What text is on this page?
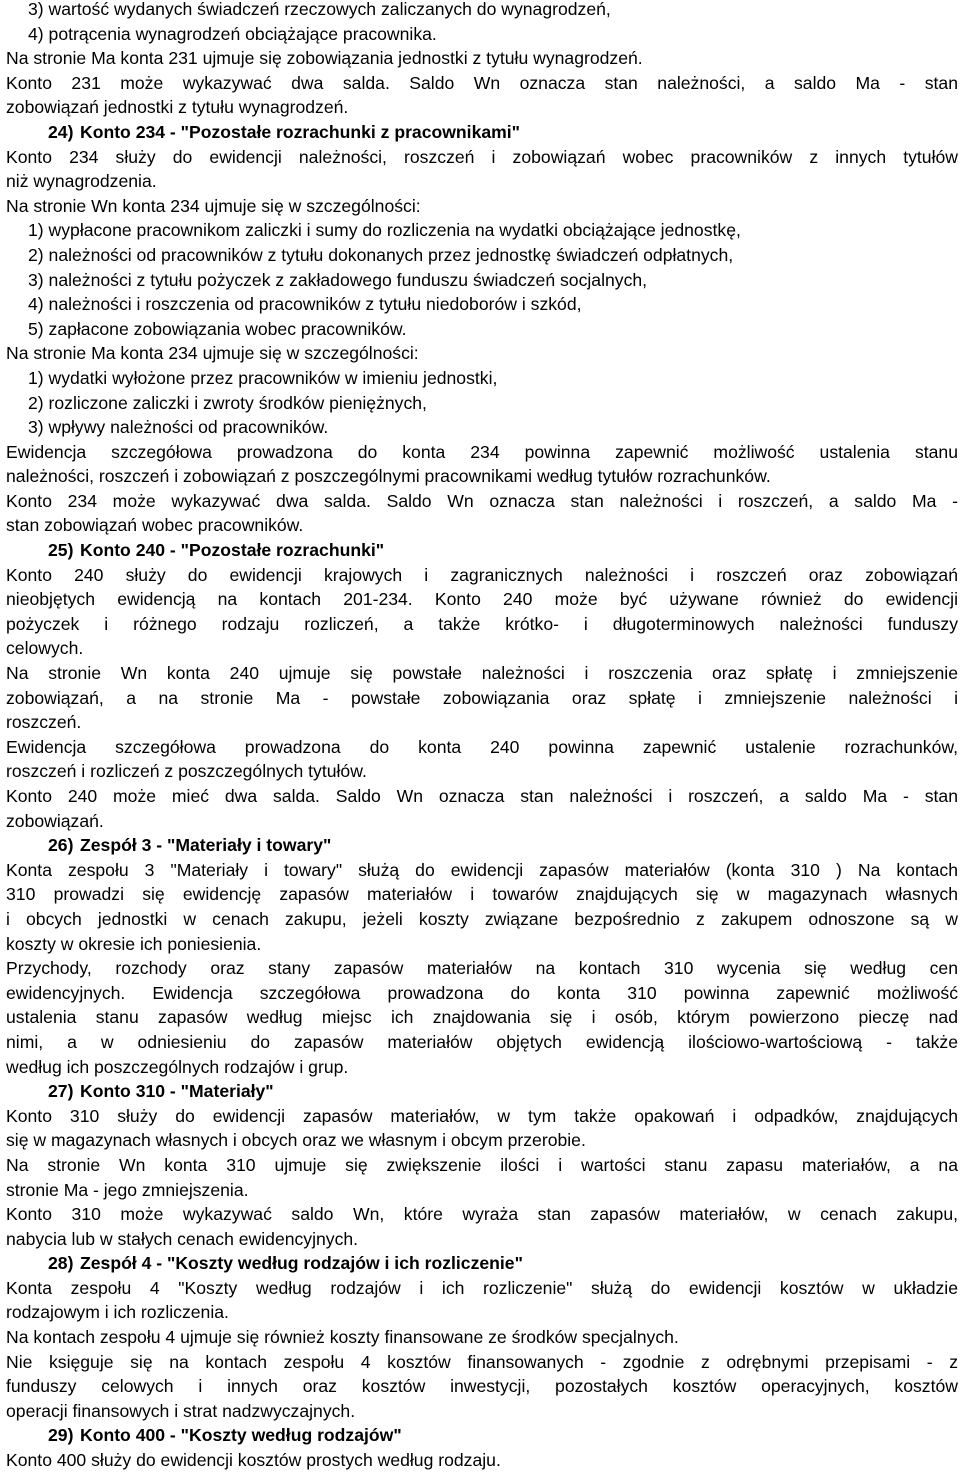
3) wartość wydanych świadczeń rzeczowych zaliczanych do wynagrodzeń,
4) potrącenia wynagrodzeń obciążające pracownika.
Na stronie Ma konta 231 ujmuje się zobowiązania jednostki z tytułu wynagrodzeń.
Konto 231 może wykazywać dwa salda. Saldo Wn oznacza stan należności, a saldo Ma - stan
zobowiązań jednostki z tytułu wynagrodzeń.
24) Konto 234 - "Pozostałe rozrachunki z pracownikami"
Konto 234 służy do ewidencji należności, roszczeń i zobowiązań wobec pracowników z innych tytułów
niż wynagrodzenia.
Na stronie Wn konta 234 ujmuje się w szczególności:
1) wypłacone pracownikom zaliczki i sumy do rozliczenia na wydatki obciążające jednostkę,
2) należności od pracowników z tytułu dokonanych przez jednostkę świadczeń odpłatnych,
3) należności z tytułu pożyczek z zakładowego funduszu świadczeń socjalnych,
4) należności i roszczenia od pracowników z tytułu niedoborów i szkód,
5) zapłacone zobowiązania wobec pracowników.
Na stronie Ma konta 234 ujmuje się w szczególności:
1) wydatki wyłożone przez pracowników w imieniu jednostki,
2) rozliczone zaliczki i zwroty środków pieniężnych,
3) wpływy należności od pracowników.
Ewidencja szczegółowa prowadzona do konta 234 powinna zapewnić możliwość ustalenia stanu
należności, roszczeń i zobowiązań z poszczególnymi pracownikami według tytułów rozrachunków.
Konto 234 może wykazywać dwa salda. Saldo Wn oznacza stan należności i roszczeń, a saldo Ma -
stan zobowiązań wobec pracowników.
25) Konto 240 - "Pozostałe rozrachunki"
Konto 240 służy do ewidencji krajowych i zagranicznych należności i roszczeń oraz zobowiązań
nieobjętych ewidencją na kontach 201-234. Konto 240 może być używane również do ewidencji
pożyczek i różnego rodzaju rozliczeń, a także krótko- i długoterminowych należności funduszy
celowych.
Na stronie Wn konta 240 ujmuje się powstałe należności i roszczenia oraz spłatę i zmniejszenie
zobowiązań, a na stronie Ma - powstałe zobowiązania oraz spłatę i zmniejszenie należności i
roszczeń.
Ewidencja szczegółowa prowadzona do konta 240 powinna zapewnić ustalenie rozrachunków,
roszczeń i rozliczeń z poszczególnych tytułów.
Konto 240 może mieć dwa salda. Saldo Wn oznacza stan należności i roszczeń, a saldo Ma - stan
zobowiązań.
26) Zespół 3 - "Materiały i towary"
Konta zespołu 3 "Materiały i towary" służą do ewidencji zapasów materiałów (konta 310 ) Na kontach
310 prowadzi się ewidencję zapasów materiałów i towarów znajdujących się w magazynach własnych
i obcych jednostki w cenach zakupu, jeżeli koszty związane bezpośrednio z zakupem odnoszone są w
koszty w okresie ich poniesienia.
Przychody, rozchody oraz stany zapasów materiałów na kontach 310 wycenia się według cen
ewidencyjnych. Ewidencja szczegółowa prowadzona do konta 310 powinna zapewnić możliwość
ustalenia stanu zapasów według miejsc ich znajdowania się i osób, którym powierzono pieczę nad
nimi, a w odniesieniu do zapasów materiałów objętych ewidencją ilościowo-wartościową - także
według ich poszczególnych rodzajów i grup.
27) Konto 310 - "Materiały"
Konto 310 służy do ewidencji zapasów materiałów, w tym także opakowań i odpadków, znajdujących
się w magazynach własnych i obcych oraz we własnym i obcym przerobie.
Na stronie Wn konta 310 ujmuje się zwiększenie ilości i wartości stanu zapasu materiałów, a na
stronie Ma - jego zmniejszenia.
Konto 310 może wykazywać saldo Wn, które wyraża stan zapasów materiałów, w cenach zakupu,
nabycia lub w stałych cenach ewidencyjnych.
28) Zespół 4 - "Koszty według rodzajów i ich rozliczenie"
Konta zespołu 4 "Koszty według rodzajów i ich rozliczenie" służą do ewidencji kosztów w układzie
rodzajowym i ich rozliczenia.
Na kontach zespołu 4 ujmuje się również koszty finansowane ze środków specjalnych.
Nie księguje się na kontach zespołu 4 kosztów finansowanych - zgodnie z odrębnymi przepisami - z
funduszy celowych i innych oraz kosztów inwestycji, pozostałych kosztów operacyjnych, kosztów
operacji finansowych i strat nadzwyczajnych.
29) Konto 400 - "Koszty według rodzajów"
Konto 400 służy do ewidencji kosztów prostych według rodzaju.
